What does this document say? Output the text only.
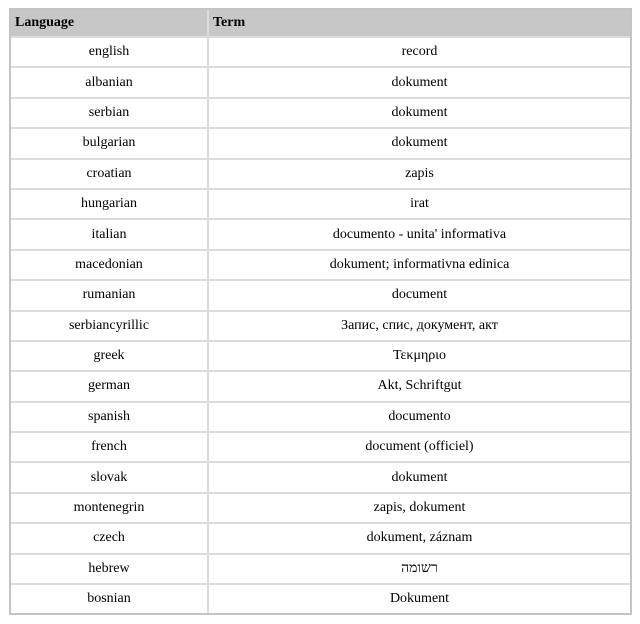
Language	Term
english	record
albanian	dokument
serbian	dokument
bulgarian	dokument
croatian	zapis
hungarian	irat
italian	documento - unita' informativa
macedonian	dokument; informativna edinica
rumanian	document
serbiancyrillic	Запис, спис, документ, акт
greek	Τεκμηριο
german	Akt, Schriftgut
spanish	documento
french	document (officiel)
slovak	dokument
montenegrin	zapis, dokument
czech	dokument, záznam
hebrew	רשומה
bosnian	Dokument
